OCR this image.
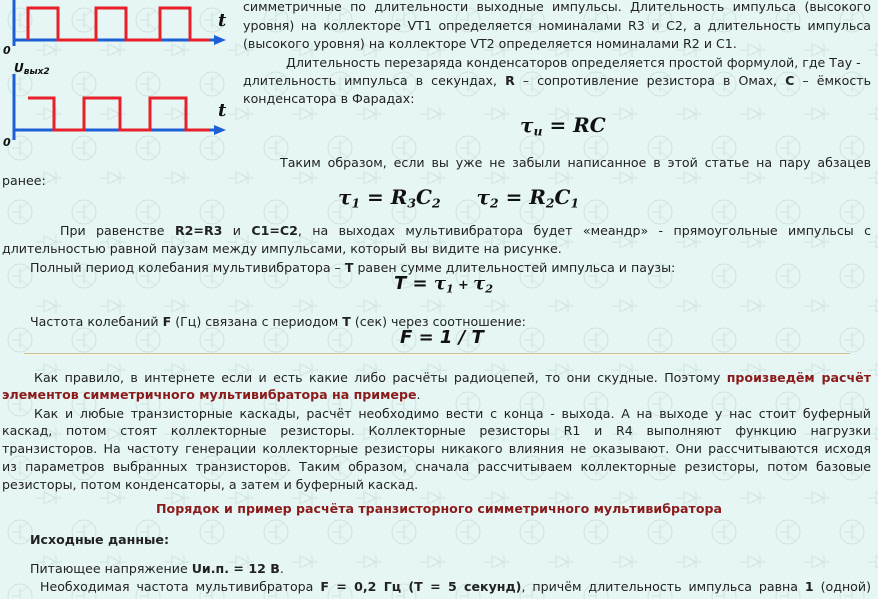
t
t
0
0
Uвых2

симметричные по длительности выходные импульсы. Длительность импульса (высокого

уровня) на коллекторе VT1 определяется номиналами R3 и C2, а длительность импульса

(высокого уровня) на коллекторе VT2 определяется номиналами R2 и C1.

Длительность перезаряда конденсаторов определяется простой формулой, где Тау -

длительность импульса в секундах, R – сопротивление резистора в Омах, C – ёмкость

конденсатора в Фарадах:

$\tau_u$ = RC

Таким образом, если вы уже не забыли написанное в этой статье на пару абзацев

ранее:

$\tau_1 = R_3C_2$ $\tau_2 = R_2C_1$

При равенстве R2=R3 и C1=C2, на выходах мультивибратора будет «меандр» - прямоугольные импульсы с

длительностью равной паузам между импульсами, который вы видите на рисунке.

Полный период колебания мультивибратора – T равен сумме длительностей импульса и паузы:

$T = \tau_1 + \tau_2$

Частота колебаний F (Гц) связана с периодом T (сек) через соотношение:

F = 1 / T

Как правило, в интернете если и есть какие либо расчёты радиоцепей, то они скудные. Поэтому произведём расчёт

элементов симметричного мультивибратора на примере.

Как и любые транзисторные каскады, расчёт необходимо вести с конца - выхода. А на выходе у нас стоит буферный

каскад, потом стоят коллекторные резисторы. Коллекторные резисторы R1 и R4 выполняют функцию нагрузки

транзисторов. На частоту генерации коллекторные резисторы никакого влияния не оказывают. Они рассчитываются исходя

из параметров выбранных транзисторов. Таким образом, сначала рассчитываем коллекторные резисторы, потом базовые

резисторы, потом конденсаторы, а затем и буферный каскад.

Порядок и пример расчёта транзисторного симметричного мультивибратора

Исходные данные:

Питающее напряжение Uи.п. = 12 В.

Необходимая частота мультивибратора F = 0,2 Гц (T = 5 секунд), причём длительность импульса равна 1 (одной)
